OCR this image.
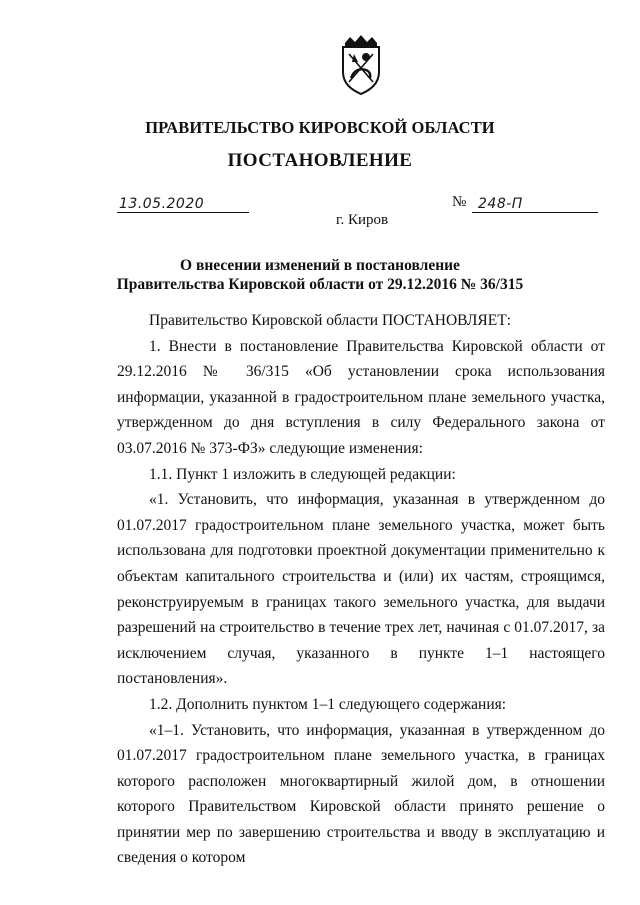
ПРАВИТЕЛЬСТВО КИРОВСКОЙ ОБЛАСТИ
ПОСТАНОВЛЕНИЕ
13.05.2020	№ 248-П
г. Киров
О внесении изменений в постановление
Правительства Кировской области от 29.12.2016 № 36/315

Правительство Кировской области ПОСТАНОВЛЯЕТ:

1. Внести в постановление Правительства Кировской области от 29.12.2016 № 36/315 «Об установлении срока использования информации, указанной в градостроительном плане земельного участка, утвержденном до дня вступления в силу Федерального закона от 03.07.2016 № 373-ФЗ» следующие изменения:

1.1. Пункт 1 изложить в следующей редакции:

«1. Установить, что информация, указанная в утвержденном до 01.07.2017 градостроительном плане земельного участка, может быть использована для подготовки проектной документации применительно к объектам капитального строительства и (или) их частям, строящимся, реконструируемым в границах такого земельного участка, для выдачи разрешений на строительство в течение трех лет, начиная с 01.07.2017, за исключением случая, указанного в пункте 1–1 настоящего постановления».

1.2. Дополнить пунктом 1–1 следующего содержания:

«1–1. Установить, что информация, указанная в утвержденном до 01.07.2017 градостроительном плане земельного участка, в границах которого расположен многоквартирный жилой дом, в отношении которого Правительством Кировской области принято решение о принятии мер по завершению строительства и вводу в эксплуатацию и сведения о котором
